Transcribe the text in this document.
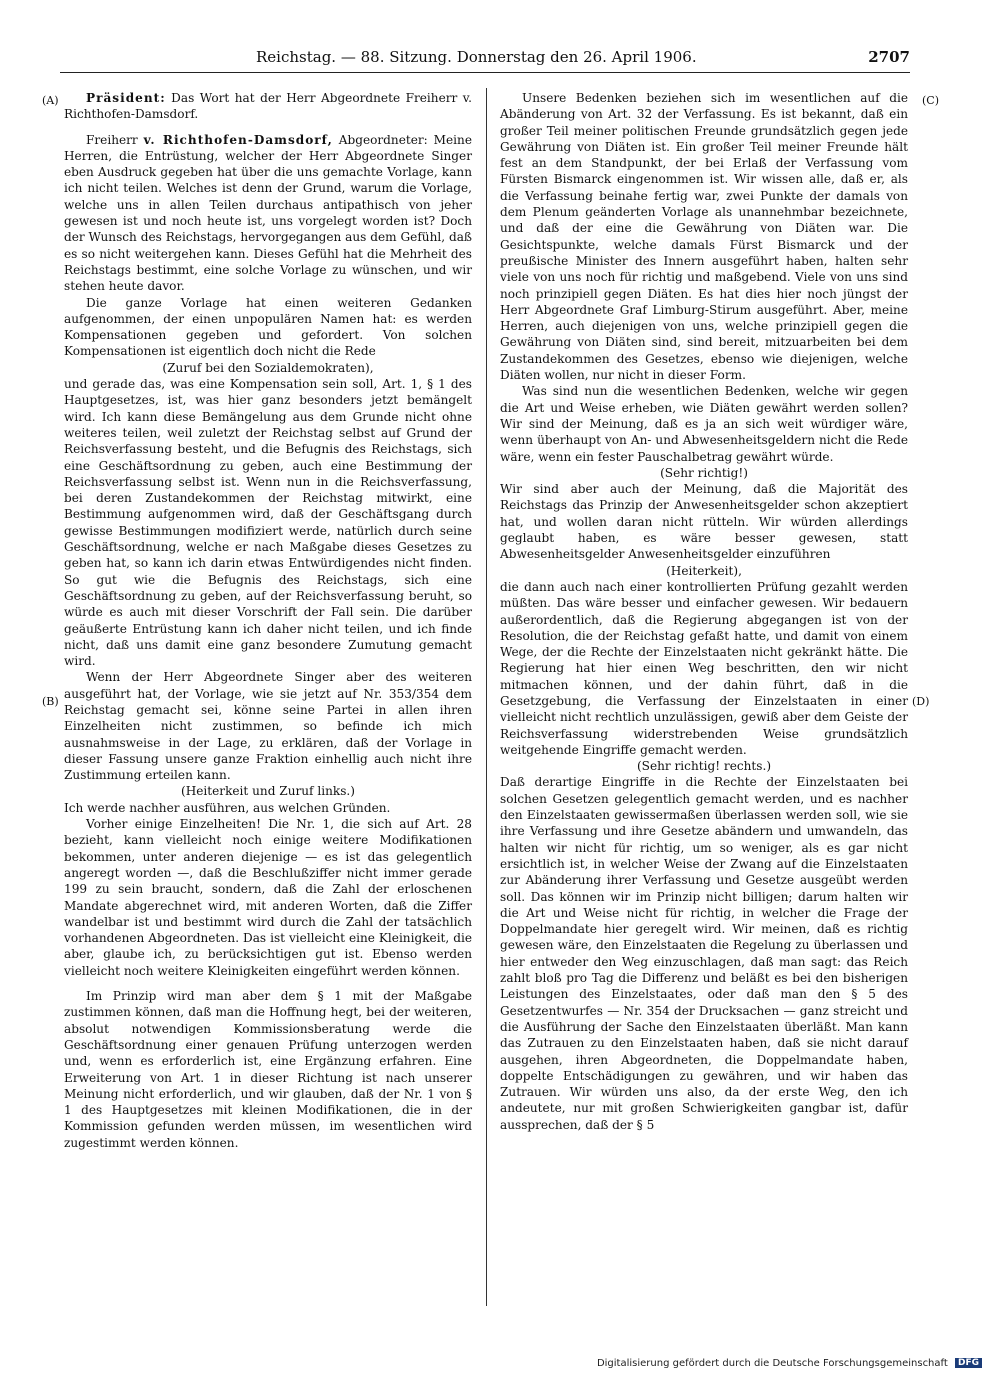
Reichstag. — 88. Sitzung. Donnerstag den 26. April 1906.	2707
(A)
(B)
(C)
(D)

Präsident: Das Wort hat der Herr Abgeordnete Freiherr v. Richthofen-Damsdorf.

Freiherr v. Richthofen-Damsdorf, Abgeordneter: Meine Herren, die Entrüstung, welcher der Herr Abgeordnete Singer eben Ausdruck gegeben hat über die uns gemachte Vorlage, kann ich nicht teilen. Welches ist denn der Grund, warum die Vorlage, welche uns in allen Teilen durchaus antipathisch von jeher gewesen ist und noch heute ist, uns vorgelegt worden ist? Doch der Wunsch des Reichstags, hervorgegangen aus dem Gefühl, daß es so nicht weitergehen kann. Dieses Gefühl hat die Mehrheit des Reichstags bestimmt, eine solche Vorlage zu wünschen, und wir stehen heute davor.

Die ganze Vorlage hat einen weiteren Gedanken aufgenommen, der einen unpopulären Namen hat: es werden Kompensationen gegeben und gefordert. Von solchen Kompensationen ist eigentlich doch nicht die Rede

(Zuruf bei den Sozialdemokraten),

und gerade das, was eine Kompensation sein soll, Art. 1, § 1 des Hauptgesetzes, ist, was hier ganz besonders jetzt bemängelt wird. Ich kann diese Bemängelung aus dem Grunde nicht ohne weiteres teilen, weil zuletzt der Reichstag selbst auf Grund der Reichsverfassung besteht, und die Befugnis des Reichstags, sich eine Geschäftsordnung zu geben, auch eine Bestimmung der Reichsverfassung selbst ist. Wenn nun in die Reichsverfassung, bei deren Zustandekommen der Reichstag mitwirkt, eine Bestimmung aufgenommen wird, daß der Geschäftsgang durch gewisse Bestimmungen modifiziert werde, natürlich durch seine Geschäftsordnung, welche er nach Maßgabe dieses Gesetzes zu geben hat, so kann ich darin etwas Entwürdigendes nicht finden. So gut wie die Befugnis des Reichstags, sich eine Geschäftsordnung zu geben, auf der Reichsverfassung beruht, so würde es auch mit dieser Vorschrift der Fall sein. Die darüber geäußerte Entrüstung kann ich daher nicht teilen, und ich finde nicht, daß uns damit eine ganz besondere Zumutung gemacht wird.

Wenn der Herr Abgeordnete Singer aber des weiteren ausgeführt hat, der Vorlage, wie sie jetzt auf Nr. 353/354 dem Reichstag gemacht sei, könne seine Partei in allen ihren Einzelheiten nicht zustimmen, so befinde ich mich ausnahmsweise in der Lage, zu erklären, daß der Vorlage in dieser Fassung unsere ganze Fraktion einhellig auch nicht ihre Zustimmung erteilen kann.

(Heiterkeit und Zuruf links.)

Ich werde nachher ausführen, aus welchen Gründen.

Vorher einige Einzelheiten! Die Nr. 1, die sich auf Art. 28 bezieht, kann vielleicht noch einige weitere Modifikationen bekommen, unter anderen diejenige — es ist das gelegentlich angeregt worden —, daß die Beschlußziffer nicht immer gerade 199 zu sein braucht, sondern, daß die Zahl der erloschenen Mandate abgerechnet wird, mit anderen Worten, daß die Ziffer wandelbar ist und bestimmt wird durch die Zahl der tatsächlich vorhandenen Abgeordneten. Das ist vielleicht eine Kleinigkeit, die aber, glaube ich, zu berücksichtigen gut ist. Ebenso werden vielleicht noch weitere Kleinigkeiten eingeführt werden können.

Im Prinzip wird man aber dem § 1 mit der Maßgabe zustimmen können, daß man die Hoffnung hegt, bei der weiteren, absolut notwendigen Kommissionsberatung werde die Geschäftsordnung einer genauen Prüfung unterzogen werden und, wenn es erforderlich ist, eine Ergänzung erfahren. Eine Erweiterung von Art. 1 in dieser Richtung ist nach unserer Meinung nicht erforderlich, und wir glauben, daß der Nr. 1 von § 1 des Hauptgesetzes mit kleinen Modifikationen, die in der Kommission gefunden werden müssen, im wesentlichen wird zugestimmt werden können.

Unsere Bedenken beziehen sich im wesentlichen auf die Abänderung von Art. 32 der Verfassung. Es ist bekannt, daß ein großer Teil meiner politischen Freunde grundsätzlich gegen jede Gewährung von Diäten ist. Ein großer Teil meiner Freunde hält fest an dem Standpunkt, der bei Erlaß der Verfassung vom Fürsten Bismarck eingenommen ist. Wir wissen alle, daß er, als die Verfassung beinahe fertig war, zwei Punkte der damals von dem Plenum geänderten Vorlage als unannehmbar bezeichnete, und daß der eine die Gewährung von Diäten war. Die Gesichtspunkte, welche damals Fürst Bismarck und der preußische Minister des Innern ausgeführt haben, halten sehr viele von uns noch für richtig und maßgebend. Viele von uns sind noch prinzipiell gegen Diäten. Es hat dies hier noch jüngst der Herr Abgeordnete Graf Limburg-Stirum ausgeführt. Aber, meine Herren, auch diejenigen von uns, welche prinzipiell gegen die Gewährung von Diäten sind, sind bereit, mitzuarbeiten bei dem Zustandekommen des Gesetzes, ebenso wie diejenigen, welche Diäten wollen, nur nicht in dieser Form.

Was sind nun die wesentlichen Bedenken, welche wir gegen die Art und Weise erheben, wie Diäten gewährt werden sollen? Wir sind der Meinung, daß es ja an sich weit würdiger wäre, wenn überhaupt von An- und Abwesenheitsgeldern nicht die Rede wäre, wenn ein fester Pauschalbetrag gewährt würde.

(Sehr richtig!)

Wir sind aber auch der Meinung, daß die Majorität des Reichstags das Prinzip der Anwesenheitsgelder schon akzeptiert hat, und wollen daran nicht rütteln. Wir würden allerdings geglaubt haben, es wäre besser gewesen, statt Abwesenheitsgelder Anwesenheitsgelder einzuführen

(Heiterkeit),

die dann auch nach einer kontrollierten Prüfung gezahlt werden müßten. Das wäre besser und einfacher gewesen. Wir bedauern außerordentlich, daß die Regierung abgegangen ist von der Resolution, die der Reichstag gefaßt hatte, und damit von einem Wege, der die Rechte der Einzelstaaten nicht gekränkt hätte. Die Regierung hat hier einen Weg beschritten, den wir nicht mitmachen können, und der dahin führt, daß in die Gesetzgebung, die Verfassung der Einzelstaaten in einer vielleicht nicht rechtlich unzulässigen, gewiß aber dem Geiste der Reichsverfassung widerstrebenden Weise grundsätzlich weitgehende Eingriffe gemacht werden.

(Sehr richtig! rechts.)

Daß derartige Eingriffe in die Rechte der Einzelstaaten bei solchen Gesetzen gelegentlich gemacht werden, und es nachher den Einzelstaaten gewissermaßen überlassen werden soll, wie sie ihre Verfassung und ihre Gesetze abändern und umwandeln, das halten wir nicht für richtig, um so weniger, als es gar nicht ersichtlich ist, in welcher Weise der Zwang auf die Einzelstaaten zur Abänderung ihrer Verfassung und Gesetze ausgeübt werden soll. Das können wir im Prinzip nicht billigen; darum halten wir die Art und Weise nicht für richtig, in welcher die Frage der Doppelmandate hier geregelt wird. Wir meinen, daß es richtig gewesen wäre, den Einzelstaaten die Regelung zu überlassen und hier entweder den Weg einzuschlagen, daß man sagt: das Reich zahlt bloß pro Tag die Differenz und beläßt es bei den bisherigen Leistungen des Einzelstaates, oder daß man den § 5 des Gesetzentwurfes — Nr. 354 der Drucksachen — ganz streicht und die Ausführung der Sache den Einzelstaaten überläßt. Man kann das Zutrauen zu den Einzelstaaten haben, daß sie nicht darauf ausgehen, ihren Abgeordneten, die Doppelmandate haben, doppelte Entschädigungen zu gewähren, und wir haben das Zutrauen. Wir würden uns also, da der erste Weg, den ich andeutete, nur mit großen Schwierigkeiten gangbar ist, dafür aussprechen, daß der § 5

Digitalisierung gefördert durch die Deutsche Forschungsgemeinschaft DFG
